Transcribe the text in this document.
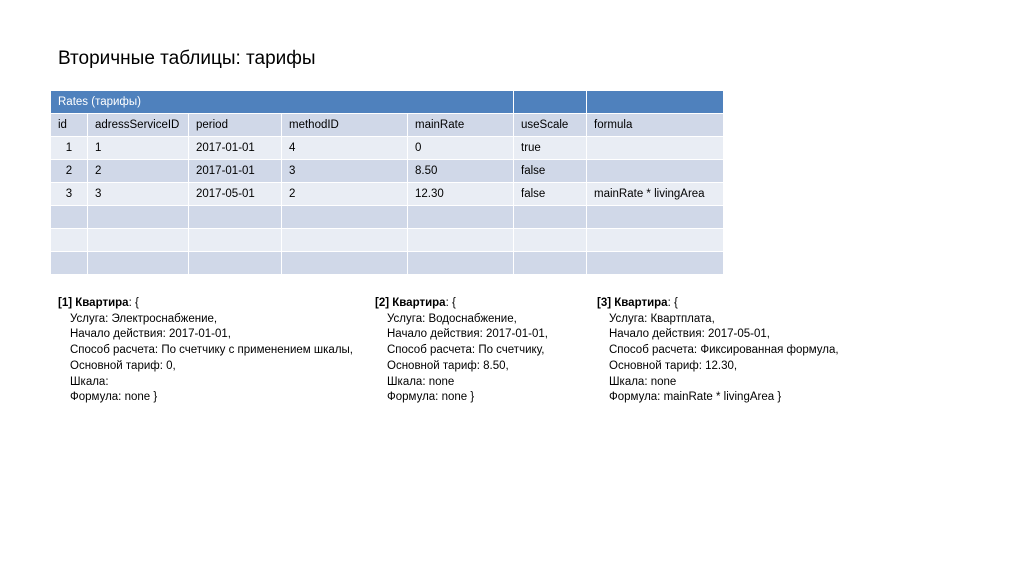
Вторичные таблицы: тарифы
Rates (тарифы)						
id	adressServiceID	period	methodID	mainRate	useScale	formula
1	1	2017-01-01	4	0	true	
2	2	2017-01-01	3	8.50	false	
3	3	2017-05-01	2	12.30	false	mainRate * livingArea

[1] Квартира: {
Услуга: Электроснабжение,
Начало действия: 2017-01-01,
Способ расчета: По счетчику с применением шкалы,
Основной тариф: 0,
Шкала:
Формула: none }
[2] Квартира: {
Услуга: Водоснабжение,
Начало действия: 2017-01-01,
Способ расчета: По счетчику,
Основной тариф: 8.50,
Шкала: none
Формула: none }
[3] Квартира: {
Услуга: Квартплата,
Начало действия: 2017-05-01,
Способ расчета: Фиксированная формула,
Основной тариф: 12.30,
Шкала: none
Формула: mainRate * livingArea }
